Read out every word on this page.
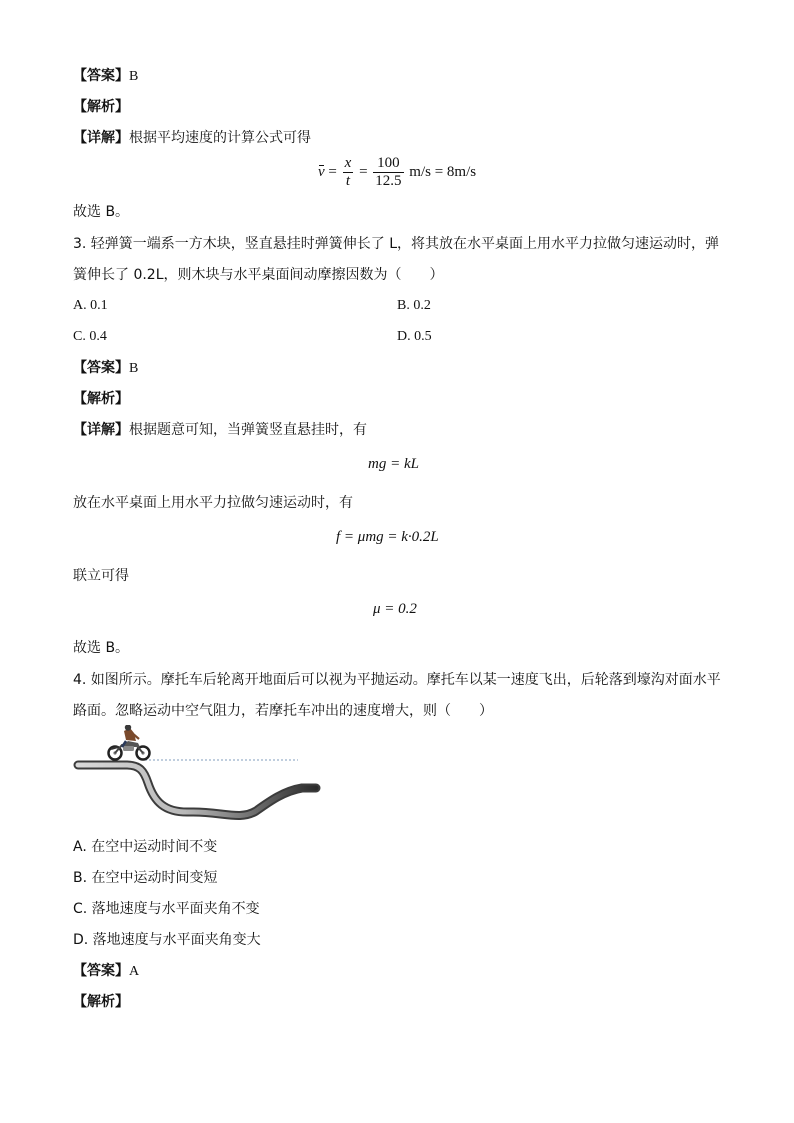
【答案】B
【解析】
【详解】根据平均速度的计算公式可得
$v = \frac{x}{t} = \frac{100}{12.5} m/s = 8m/s$
故选 B。
3. 轻弹簧一端系一方木块，竖直悬挂时弹簧伸长了 L，将其放在水平桌面上用水平力拉做匀速运动时，弹
簧伸长了 0.2L，则木块与水平桌面间动摩擦因数为（　　）
A. 0.1	B. 0.2
C. 0.4	D. 0.5
【答案】B
【解析】
【详解】根据题意可知，当弹簧竖直悬挂时，有
mg = kL
放在水平桌面上用水平力拉做匀速运动时，有
f = μmg = k·0.2L
联立可得
μ = 0.2
故选 B。
4. 如图所示。摩托车后轮离开地面后可以视为平抛运动。摩托车以某一速度飞出，后轮落到壕沟对面水平
路面。忽略运动中空气阻力，若摩托车冲出的速度增大，则（　　）
A. 在空中运动时间不变
B. 在空中运动时间变短
C. 落地速度与水平面夹角不变
D. 落地速度与水平面夹角变大
【答案】A
【解析】
